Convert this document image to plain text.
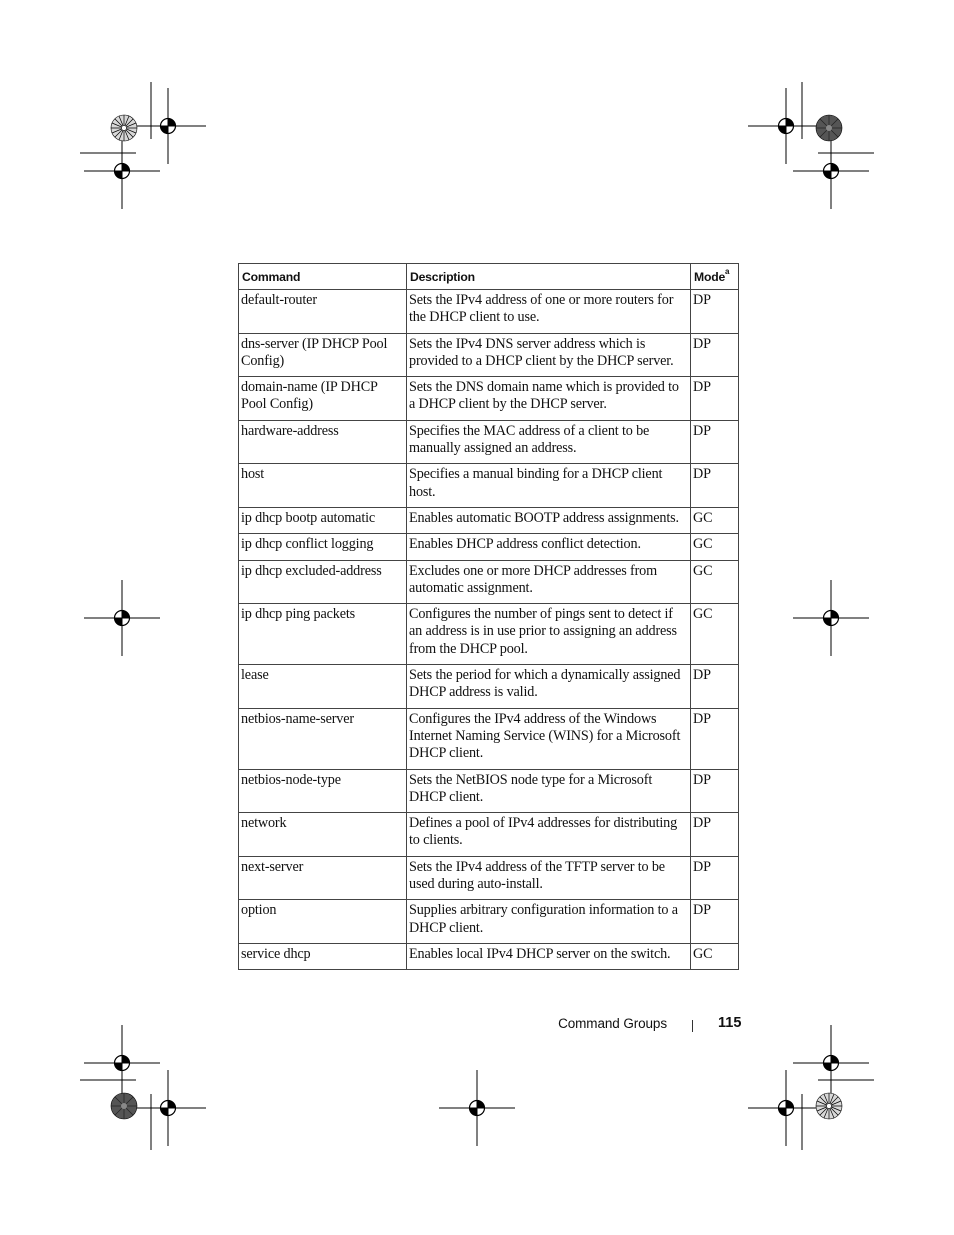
Command	Description	Mode$^a$
default-router	Sets the IPv4 address of one or more routers for the DHCP client to use.	DP
dns-server (IP DHCP Pool Config)	Sets the IPv4 DNS server address which is provided to a DHCP client by the DHCP server.	DP
domain-name (IP DHCP Pool Config)	Sets the DNS domain name which is provided to a DHCP client by the DHCP server.	DP
hardware-address	Specifies the MAC address of a client to be manually assigned an address.	DP
host	Specifies a manual binding for a DHCP client host.	DP
ip dhcp bootp automatic	Enables automatic BOOTP address assignments.	GC
ip dhcp conflict logging	Enables DHCP address conflict detection.	GC
ip dhcp excluded-address	Excludes one or more DHCP addresses from automatic assignment.	GC
ip dhcp ping packets	Configures the number of pings sent to detect if an address is in use prior to assigning an address from the DHCP pool.	GC
lease	Sets the period for which a dynamically assigned DHCP address is valid.	DP
netbios-name-server	Configures the IPv4 address of the Windows Internet Naming Service (WINS) for a Microsoft DHCP client.	DP
netbios-node-type	Sets the NetBIOS node type for a Microsoft DHCP client.	DP
network	Defines a pool of IPv4 addresses for distributing to clients.	DP
next-server	Sets the IPv4 address of the TFTP server to be used during auto-install.	DP
option	Supplies arbitrary configuration information to a DHCP client.	DP
service dhcp	Enables local IPv4 DHCP server on the switch.	GC
Command Groups	115
